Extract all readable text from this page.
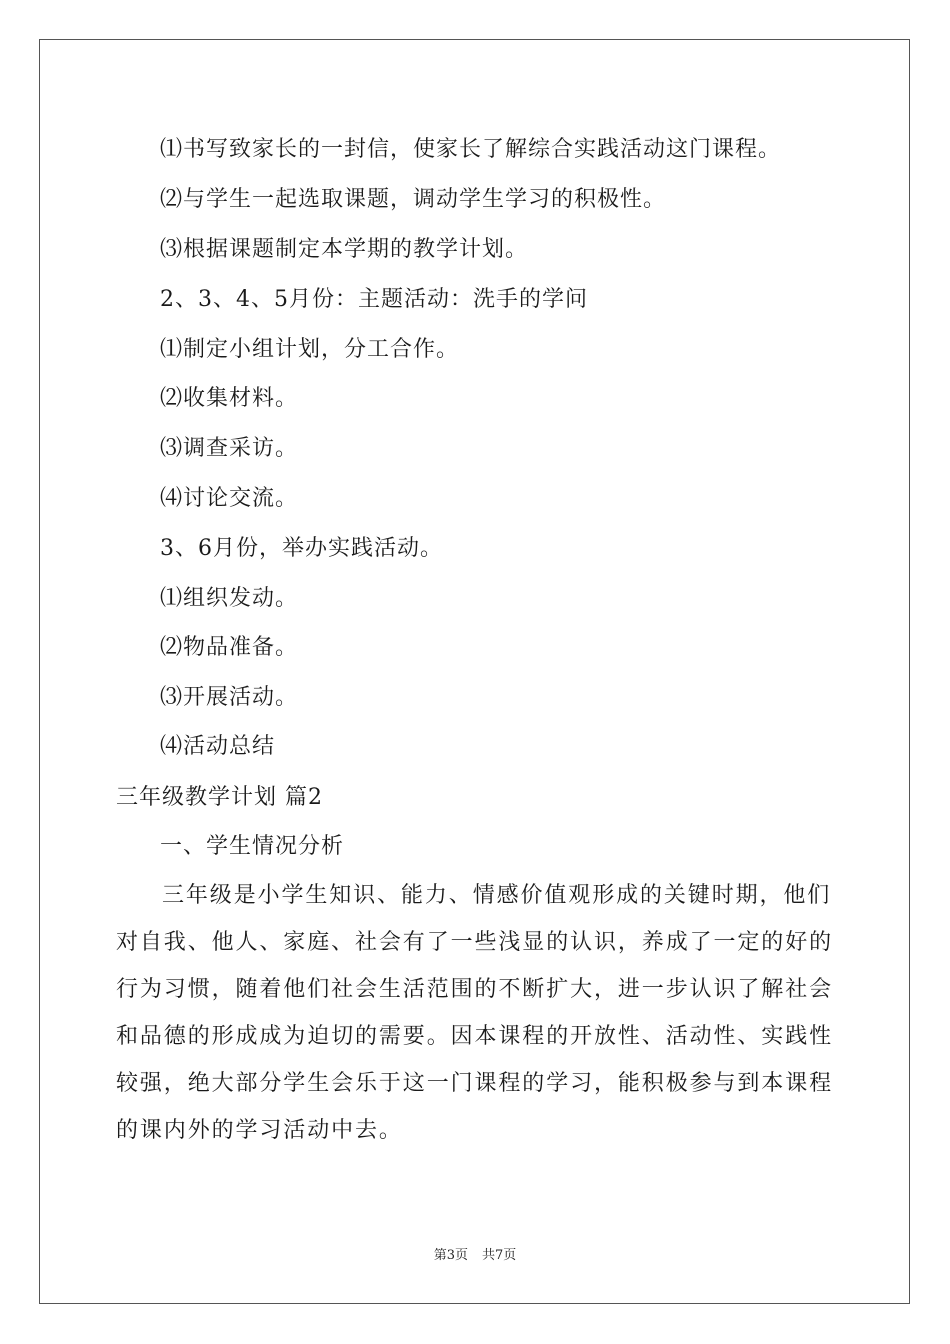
⑴书写致家长的一封信，使家长了解综合实践活动这门课程。
⑵与学生一起选取课题，调动学生学习的积极性。
⑶根据课题制定本学期的教学计划。
2、3、4、5月份：主题活动：洗手的学问
⑴制定小组计划，分工合作。
⑵收集材料。
⑶调查采访。
⑷讨论交流。
3、6月份，举办实践活动。
⑴组织发动。
⑵物品准备。
⑶开展活动。
⑷活动总结
三年级教学计划 篇2
一、学生情况分析
三年级是小学生知识、能力、情感价值观形成的关键时期，他们
对自我、他人、家庭、社会有了一些浅显的认识，养成了一定的好的
行为习惯，随着他们社会生活范围的不断扩大，进一步认识了解社会
和品德的形成成为迫切的需要。因本课程的开放性、活动性、实践性
较强，绝大部分学生会乐于这一门课程的学习，能积极参与到本课程
的课内外的学习活动中去。
第3页 共7页
